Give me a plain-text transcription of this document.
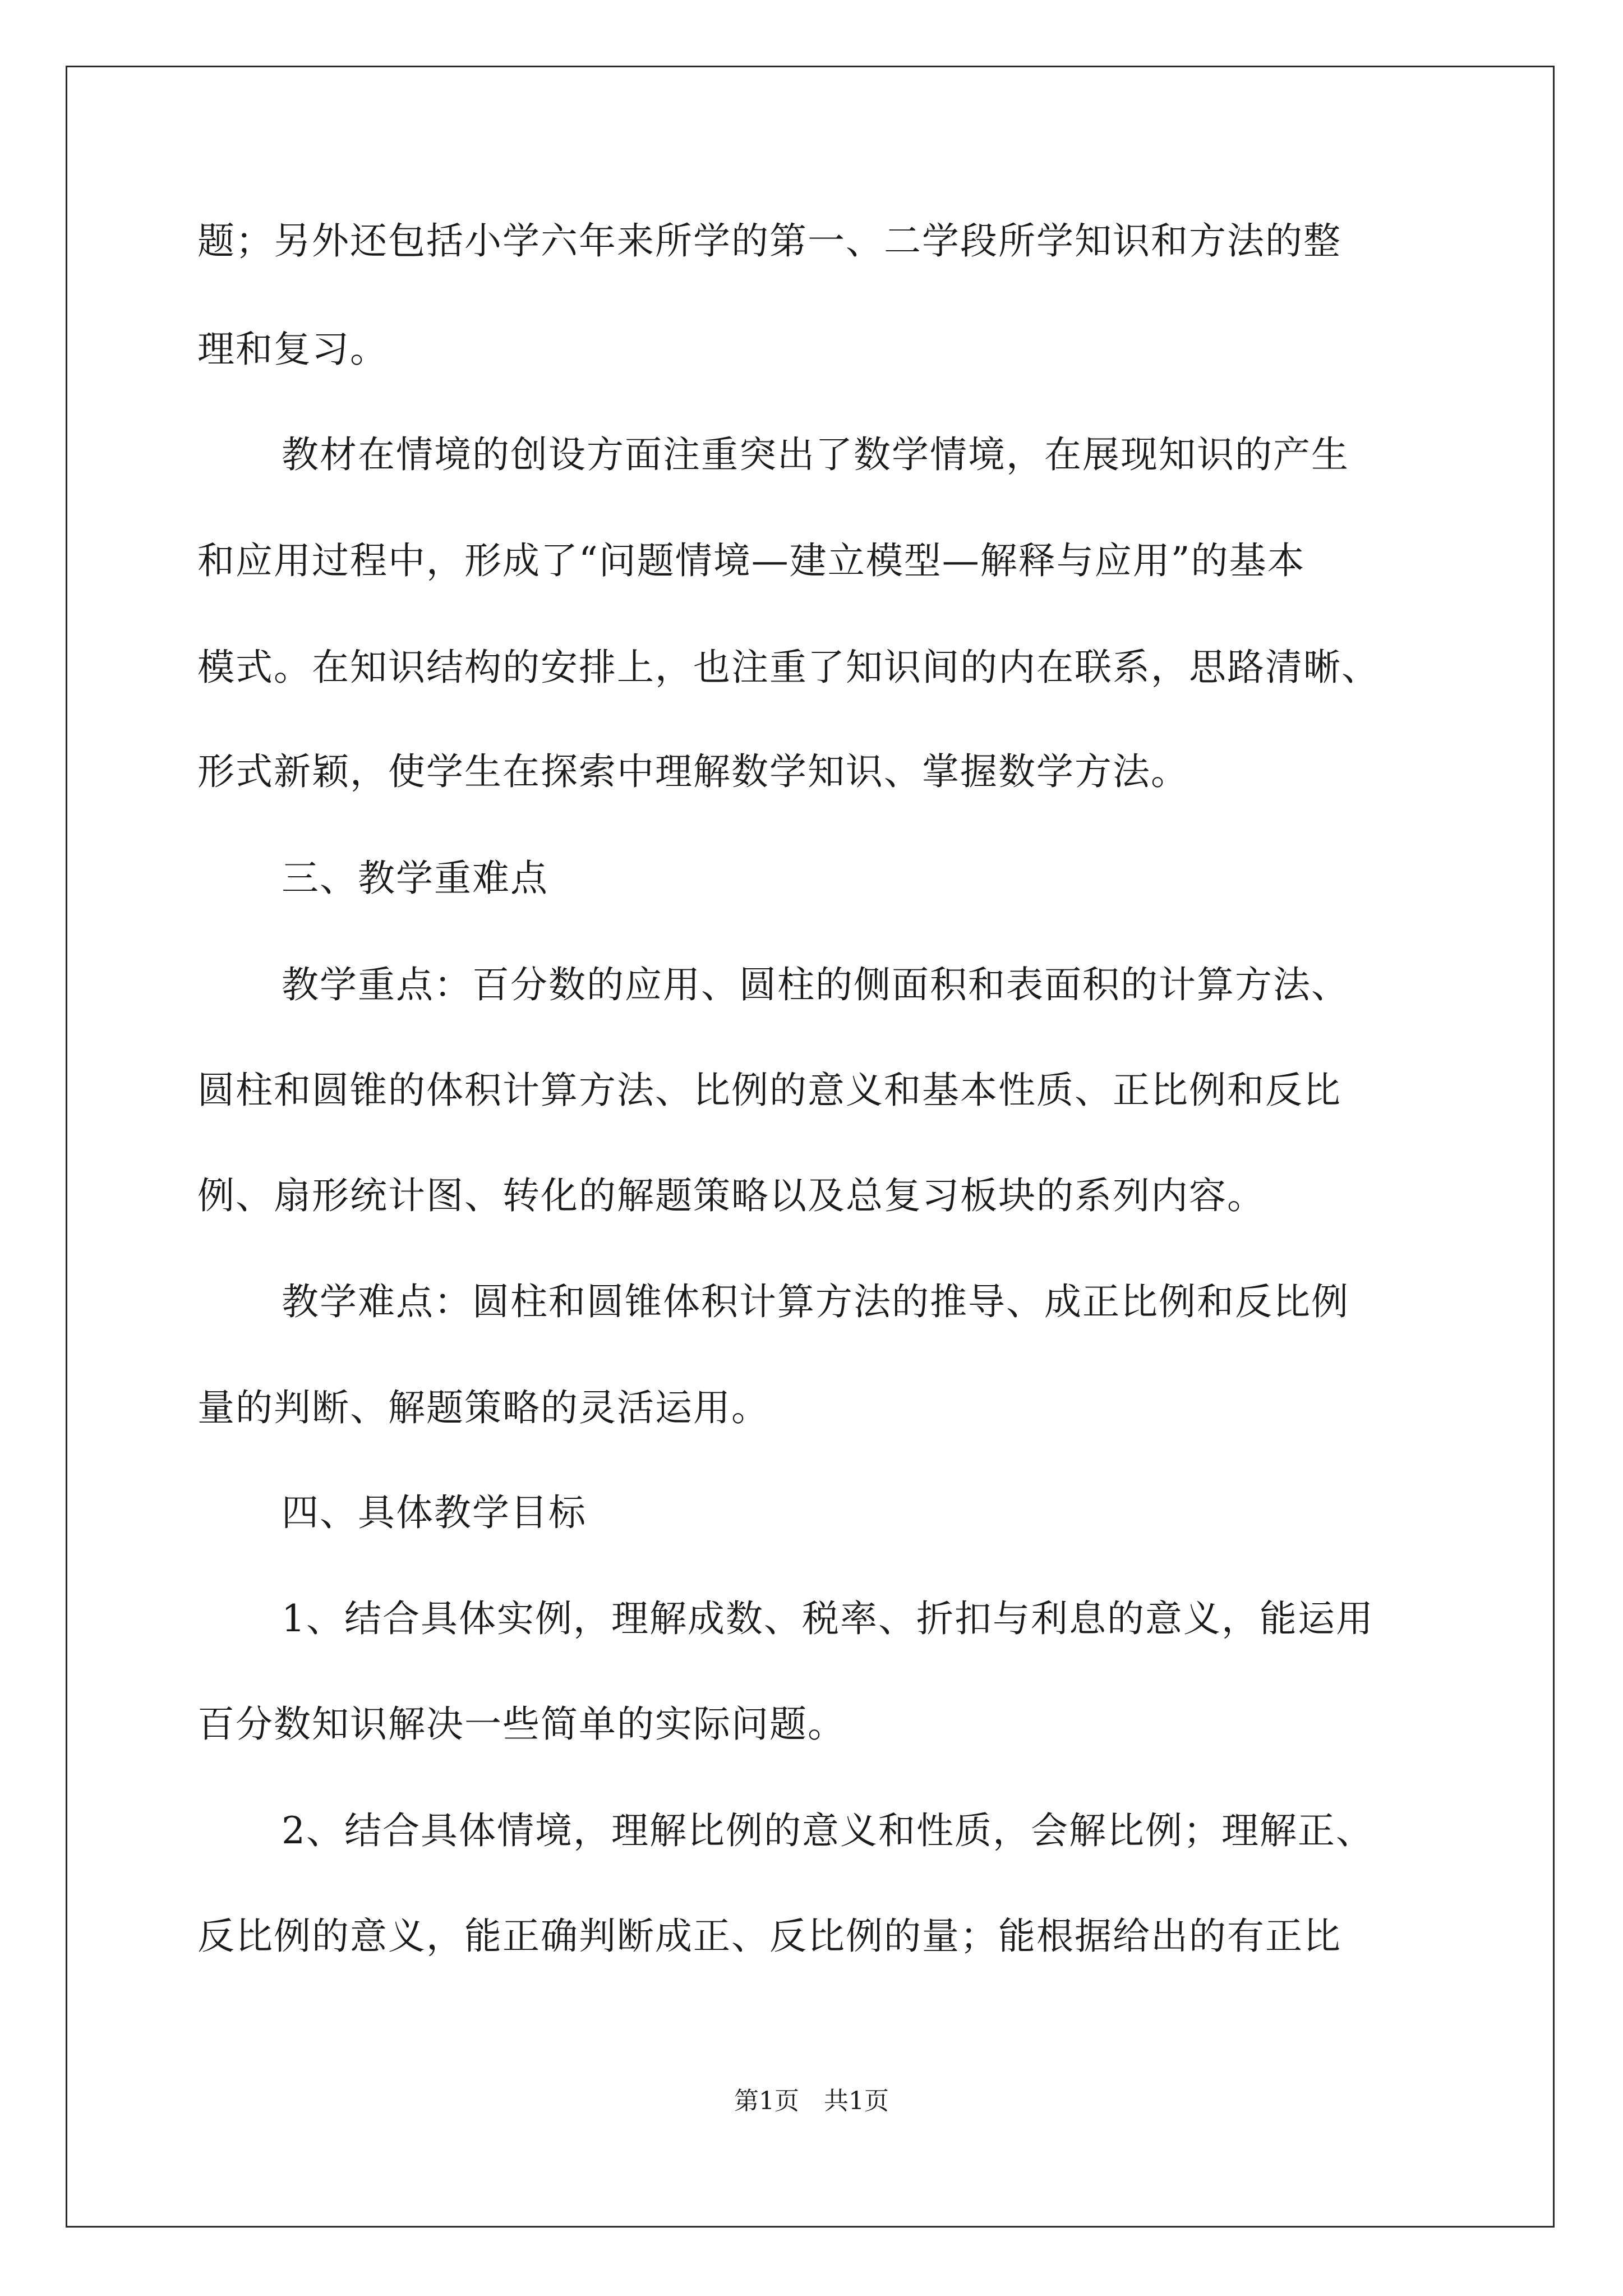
题；另外还包括小学六年来所学的第一、二学段所学知识和方法的整
理和复习。
教材在情境的创设方面注重突出了数学情境，在展现知识的产生
和应用过程中，形成了“问题情境—建立模型—解释与应用”的基本
模式。在知识结构的安排上，也注重了知识间的内在联系，思路清晰、
形式新颖，使学生在探索中理解数学知识、掌握数学方法。
三、教学重难点
教学重点：百分数的应用、圆柱的侧面积和表面积的计算方法、
圆柱和圆锥的体积计算方法、比例的意义和基本性质、正比例和反比
例、扇形统计图、转化的解题策略以及总复习板块的系列内容。
教学难点：圆柱和圆锥体积计算方法的推导、成正比例和反比例
量的判断、解题策略的灵活运用。
四、具体教学目标
1、结合具体实例，理解成数、税率、折扣与利息的意义，能运用
百分数知识解决一些简单的实际问题。
2、结合具体情境，理解比例的意义和性质，会解比例；理解正、
反比例的意义，能正确判断成正、反比例的量；能根据给出的有正比
第1页　共1页
